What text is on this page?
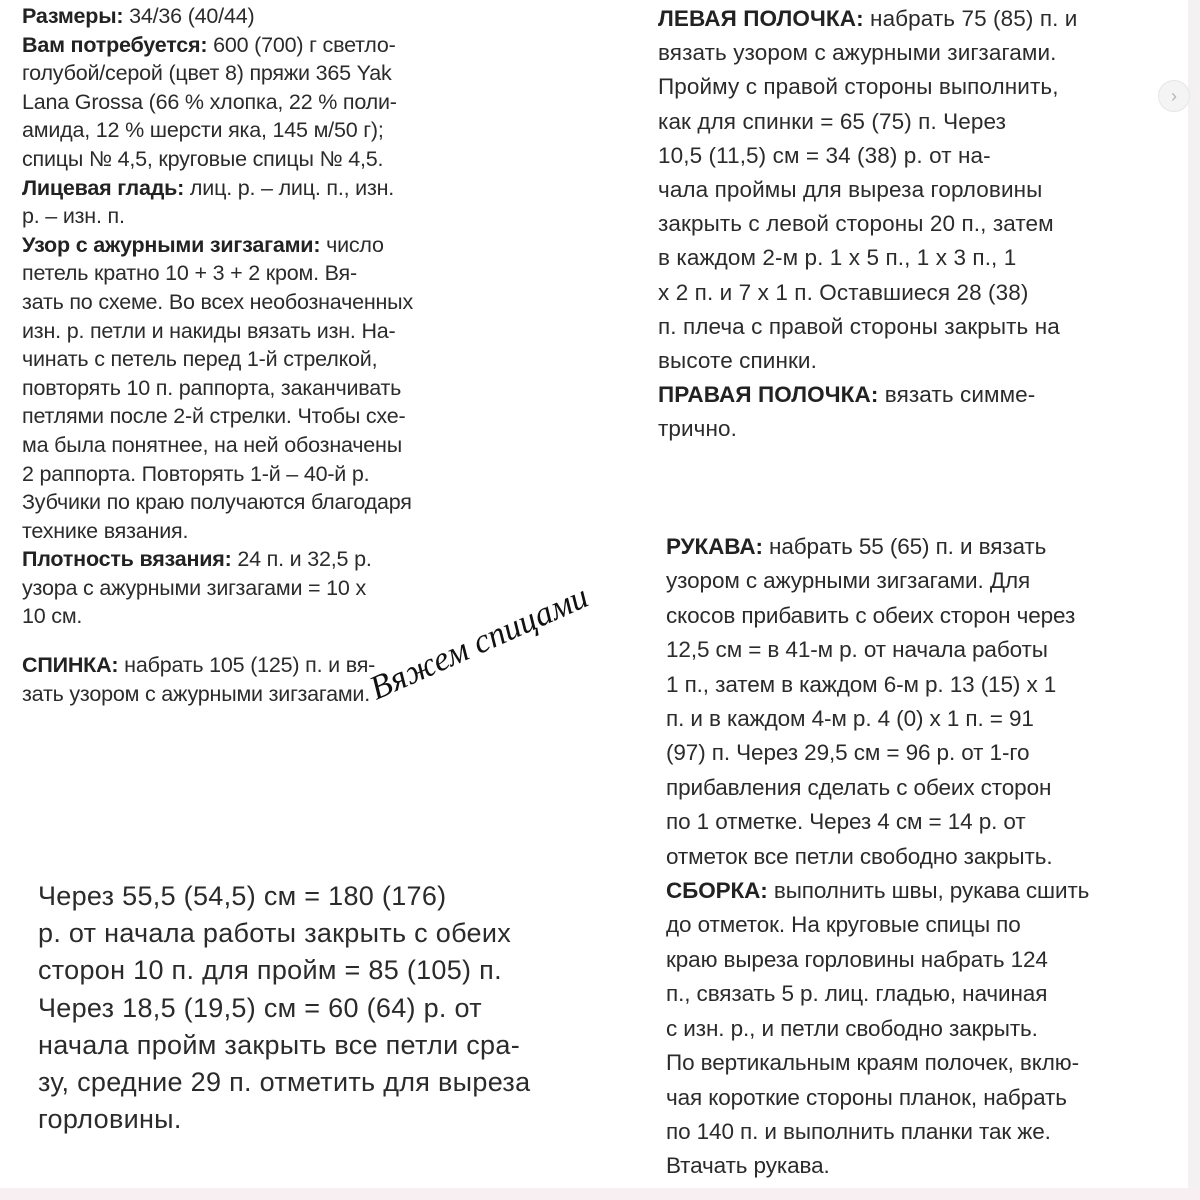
Размеры: 34/36 (40/44)
Вам потребуется: 600 (700) г светло-
голубой/серой (цвет 8) пряжи 365 Yak
Lana Grossa (66 % хлопка, 22 % поли-
амида, 12 % шерсти яка, 145 м/50 г);
спицы № 4,5, круговые спицы № 4,5.
Лицевая гладь: лиц. р. – лиц. п., изн.
р. – изн. п.
Узор с ажурными зигзагами: число
петель кратно 10 + 3 + 2 кром. Вя-
зать по схеме. Во всех необозначенных
изн. р. петли и накиды вязать изн. На-
чинать с петель перед 1-й стрелкой,
повторять 10 п. раппорта, заканчивать
петлями после 2-й стрелки. Чтобы схе-
ма была понятнее, на ней обозначены
2 раппорта. Повторять 1-й – 40-й р.
Зубчики по краю получаются благодаря
технике вязания.
Плотность вязания: 24 п. и 32,5 р.
узора с ажурными зигзагами = 10 х
10 см.
СПИНКА: набрать 105 (125) п. и вя-
зать узором с ажурными зигзагами.
ЛЕВАЯ ПОЛОЧКА: набрать 75 (85) п. и
вязать узором с ажурными зигзагами.
Пройму с правой стороны выполнить,
как для спинки = 65 (75) п. Через
10,5 (11,5) см = 34 (38) р. от на-
чала проймы для выреза горловины
закрыть с левой стороны 20 п., затем
в каждом 2-м р. 1 х 5 п., 1 х 3 п., 1
х 2 п. и 7 х 1 п. Оставшиеся 28 (38)
п. плеча с правой стороны закрыть на
высоте спинки.
ПРАВАЯ ПОЛОЧКА: вязать симме-
трично.
РУКАВА: набрать 55 (65) п. и вязать
узором с ажурными зигзагами. Для
скосов прибавить с обеих сторон через
12,5 см = в 41-м р. от начала работы
1 п., затем в каждом 6-м р. 13 (15) х 1
п. и в каждом 4-м р. 4 (0) х 1 п. = 91
(97) п. Через 29,5 см = 96 р. от 1-го
прибавления сделать с обеих сторон
по 1 отметке. Через 4 см = 14 р. от
отметок все петли свободно закрыть.
СБОРКА: выполнить швы, рукава сшить
до отметок. На круговые спицы по
краю выреза горловины набрать 124
п., связать 5 р. лиц. гладью, начиная
с изн. р., и петли свободно закрыть.
По вертикальным краям полочек, вклю-
чая короткие стороны планок, набрать
по 140 п. и выполнить планки так же.
Втачать рукава.
Через 55,5 (54,5) см = 180 (176)
р. от начала работы закрыть с обеих
сторон 10 п. для пройм = 85 (105) п.
Через 18,5 (19,5) см = 60 (64) р. от
начала пройм закрыть все петли сра-
зу, средние 29 п. отметить для выреза
горловины.
Вяжем спицами
›
